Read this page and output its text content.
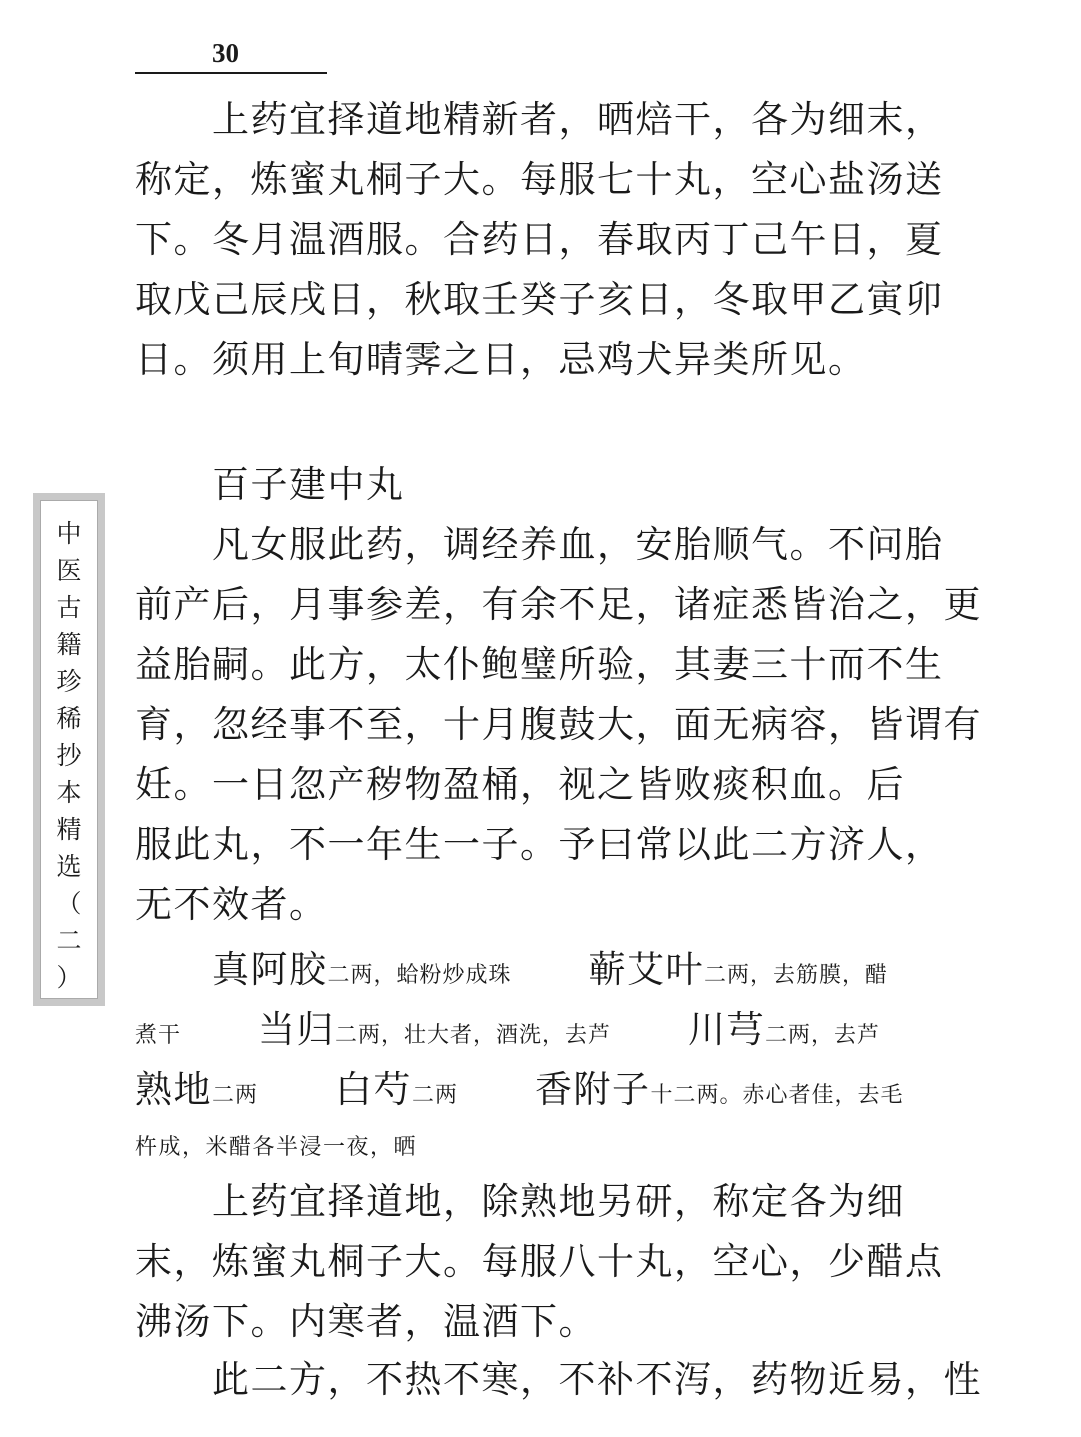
30
中
医
古
籍
珍
稀
抄
本
精
选
（
二
）
　　上药宜择道地精新者，晒焙干，各为细末，
称定，炼蜜丸桐子大。每服七十丸，空心盐汤送
下。冬月温酒服。合药日，春取丙丁己午日，夏
取戊己辰戌日，秋取壬癸子亥日，冬取甲乙寅卯
日。须用上旬晴霁之日，忌鸡犬异类所见。
　　百子建中丸
　　凡女服此药，调经养血，安胎顺气。不问胎
前产后，月事参差，有余不足，诸症悉皆治之，更
益胎嗣。此方，太仆鲍璧所验，其妻三十而不生
育，忽经事不至，十月腹鼓大，面无病容，皆谓有
妊。一日忽产秽物盈桶，视之皆败痰积血。后
服此丸，不一年生一子。予曰常以此二方济人，
无不效者。
　　真阿胶 二两，蛤粉炒成珠 　　蕲艾叶 二两，去筋膜，醋
煮干 　　当归 二两，壮大者，酒洗，去芦 　　川芎 二两，去芦
熟地 二两 　　白芍 二两 　　香附子 十二两。赤心者佳，去毛
杵成，米醋各半浸一夜，晒
　　上药宜择道地，除熟地另研，称定各为细
末，炼蜜丸桐子大。每服八十丸，空心，少醋点
沸汤下。内寒者，温酒下。
　　此二方，不热不寒，不补不泻，药物近易，性
